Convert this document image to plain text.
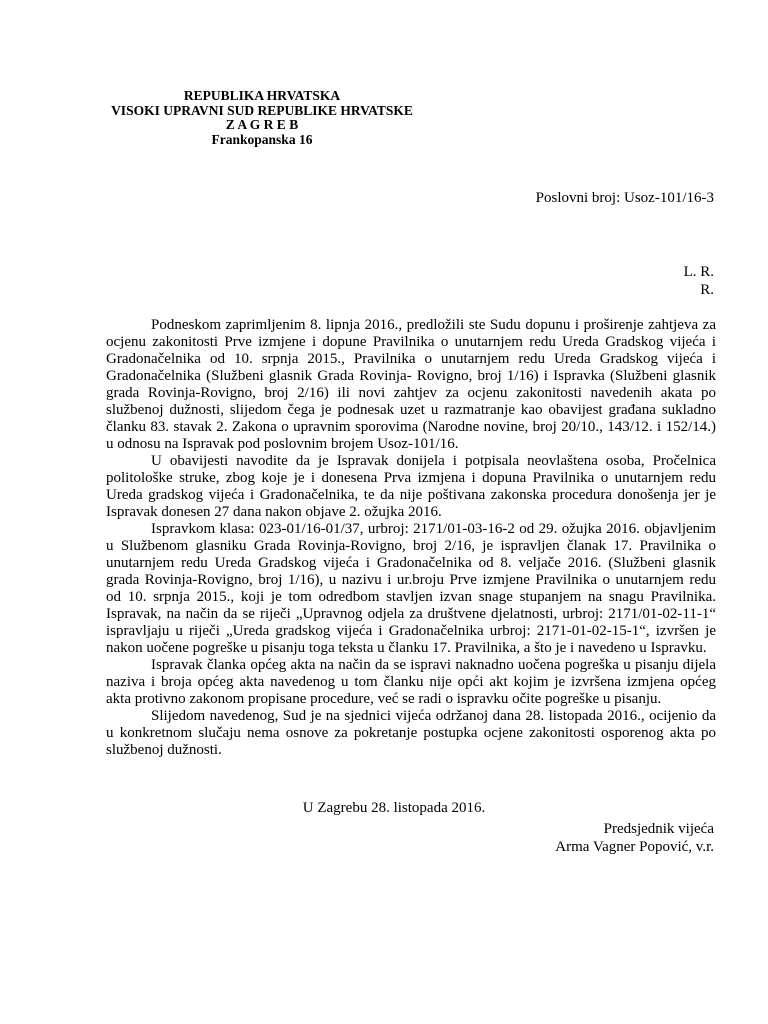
REPUBLIKA HRVATSKA
VISOKI UPRAVNI SUD REPUBLIKE HRVATSKE
Z A G R E B
Frankopanska 16
Poslovni broj: Usoz-101/16-3
L. R.
R.

Podneskom zaprimljenim 8. lipnja 2016., predložili ste Sudu dopunu i proširenje zahtjeva za
ocjenu zakonitosti Prve izmjene i dopune Pravilnika o unutarnjem redu Ureda Gradskog vijeća i
Gradonačelnika od 10. srpnja 2015., Pravilnika o unutarnjem redu Ureda Gradskog vijeća i
Gradonačelnika (Službeni glasnik Grada Rovinja- Rovigno, broj 1/16) i Ispravka (Službeni glasnik
grada Rovinja-Rovigno, broj 2/16) ili novi zahtjev za ocjenu zakonitosti navedenih akata po
službenoj dužnosti, slijedom čega je podnesak uzet u razmatranje kao obavijest građana sukladno
članku 83. stavak 2. Zakona o upravnim sporovima (Narodne novine, broj 20/10., 143/12. i 152/14.)
u odnosu na Ispravak pod poslovnim brojem Usoz-101/16.

U obavijesti navodite da je Ispravak donijela i potpisala neovlaštena osoba, Pročelnica
politološke struke, zbog koje je i donesena Prva izmjena i dopuna Pravilnika o unutarnjem redu
Ureda gradskog vijeća i Gradonačelnika, te da nije poštivana zakonska procedura donošenja jer je
Ispravak donesen 27 dana nakon objave 2. ožujka 2016.

Ispravkom klasa: 023-01/16-01/37, urbroj: 2171/01-03-16-2 od 29. ožujka 2016. objavljenim
u Službenom glasniku Grada Rovinja-Rovigno, broj 2/16, je ispravljen članak 17. Pravilnika o
unutarnjem redu Ureda Gradskog vijeća i Gradonačelnika od 8. veljače 2016. (Službeni glasnik
grada Rovinja-Rovigno, broj 1/16), u nazivu i ur.broju Prve izmjene Pravilnika o unutarnjem redu
od 10. srpnja 2015., koji je tom odredbom stavljen izvan snage stupanjem na snagu Pravilnika.
Ispravak, na način da se riječi „Upravnog odjela za društvene djelatnosti, urbroj: 2171/01-02-11-1“
ispravljaju u riječi „Ureda gradskog vijeća i Gradonačelnika urbroj: 2171-01-02-15-1“, izvršen je
nakon uočene pogreške u pisanju toga teksta u članku 17. Pravilnika, a što je i navedeno u Ispravku.

Ispravak članka općeg akta na način da se ispravi naknadno uočena pogreška u pisanju dijela
naziva i broja općeg akta navedenog u tom članku nije opći akt kojim je izvršena izmjena općeg
akta protivno zakonom propisane procedure, već se radi o ispravku očite pogreške u pisanju.

Slijedom navedenog, Sud je na sjednici vijeća održanoj dana 28. listopada 2016., ocijenio da
u konkretnom slučaju nema osnove za pokretanje postupka ocjene zakonitosti osporenog akta po
službenoj dužnosti.

U Zagrebu 28. listopada 2016.
Predsjednik vijeća
Arma Vagner Popović, v.r.
